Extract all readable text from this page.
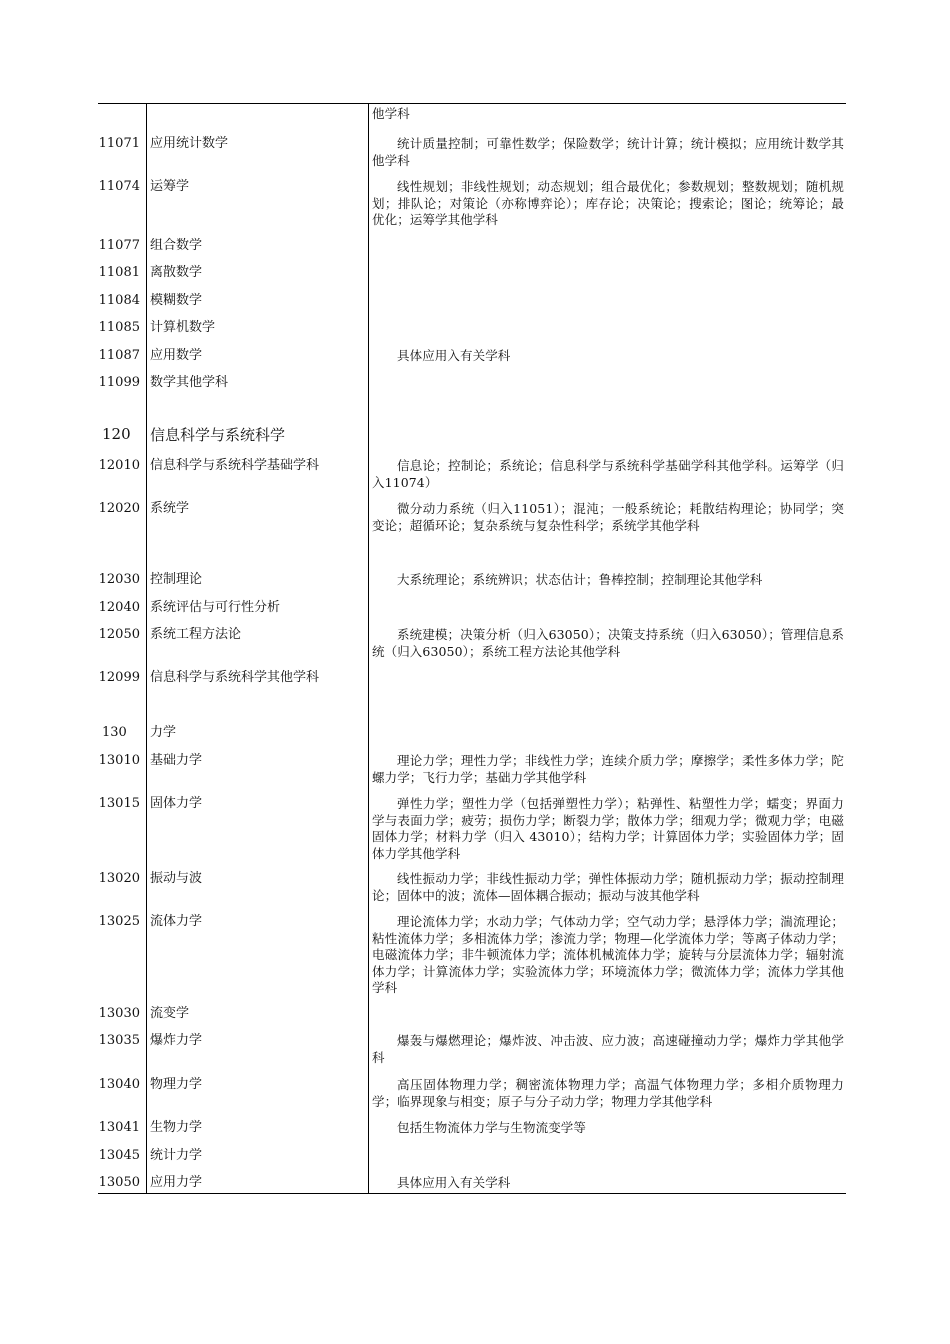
他学科
11071 应用统计数学	统计质量控制；可靠性数学；保险数学；统计计算；统计模拟；应用统计数学其他学科
11074 运筹学	线性规划；非线性规划；动态规划；组合最优化；参数规划；整数规划；随机规划；排队论；对策论（亦称博弈论）；库存论；决策论；搜索论；图论；统筹论；最优化；运筹学其他学科
11077 组合数学
11081 离散数学
11084 模糊数学
11085 计算机数学
11087 应用数学	具体应用入有关学科
11099 数学其他学科
120	信息科学与系统科学
12010 信息科学与系统科学基础学科	信息论；控制论；系统论；信息科学与系统科学基础学科其他学科。运筹学（归入11074）
12020 系统学	微分动力系统（归入11051）；混沌；一般系统论；耗散结构理论；协同学；突变论；超循环论；复杂系统与复杂性科学；系统学其他学科
12030 控制理论	大系统理论；系统辨识；状态估计；鲁棒控制；控制理论其他学科
12040 系统评估与可行性分析
12050 系统工程方法论	系统建模；决策分析（归入63050）；决策支持系统（归入63050）；管理信息系统（归入63050）；系统工程方法论其他学科
12099 信息科学与系统科学其他学科
130	力学
13010 基础力学	理论力学；理性力学；非线性力学；连续介质力学；摩擦学；柔性多体力学；陀螺力学；飞行力学；基础力学其他学科
13015 固体力学	弹性力学；塑性力学（包括弹塑性力学）；粘弹性、粘塑性力学；蠕变；界面力学与表面力学；疲劳；损伤力学；断裂力学；散体力学；细观力学；微观力学；电磁固体力学；材料力学（归入 43010）；结构力学；计算固体力学；实验固体力学；固体力学其他学科
13020 振动与波	线性振动力学；非线性振动力学；弹性体振动力学；随机振动力学；振动控制理论；固体中的波；流体—固体耦合振动；振动与波其他学科
13025 流体力学	理论流体力学；水动力学；气体动力学；空气动力学；悬浮体力学；湍流理论；粘性流体力学；多相流体力学；渗流力学；物理—化学流体力学；等离子体动力学；电磁流体力学；非牛顿流体力学；流体机械流体力学；旋转与分层流体力学；辐射流体力学；计算流体力学；实验流体力学；环境流体力学；微流体力学；流体力学其他学科
13030 流变学
13035 爆炸力学	爆轰与爆燃理论；爆炸波、冲击波、应力波；高速碰撞动力学；爆炸力学其他学科
13040 物理力学	高压固体物理力学；稠密流体物理力学；高温气体物理力学；多相介质物理力学；临界现象与相变；原子与分子动力学；物理力学其他学科
13041 生物力学	包括生物流体力学与生物流变学等
13045 统计力学
13050 应用力学	具体应用入有关学科
